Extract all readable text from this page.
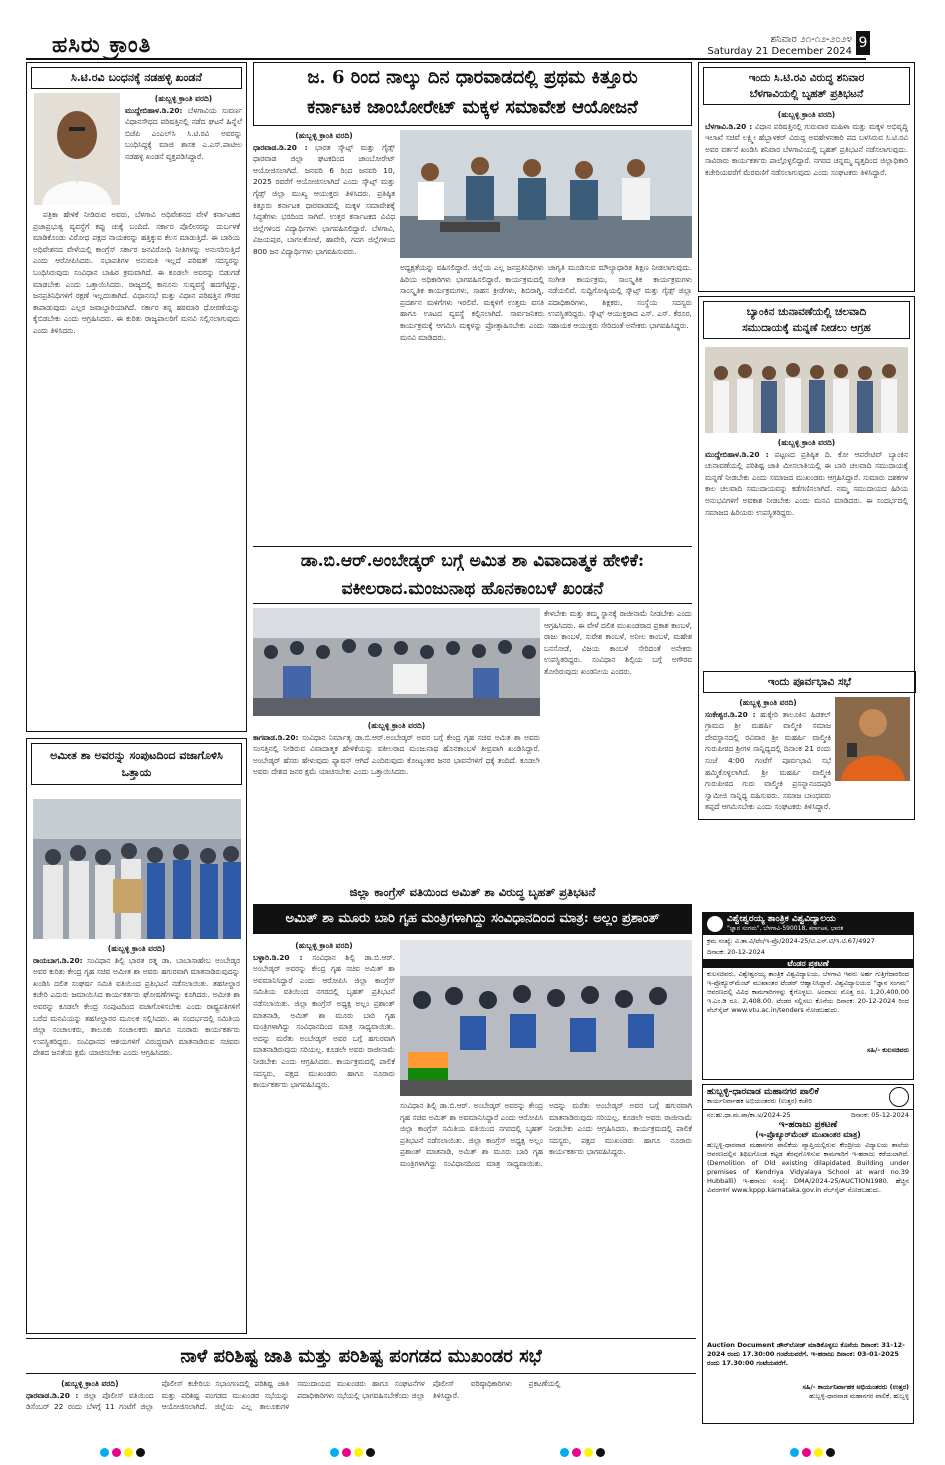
ಹಸಿರು ಕ್ರಾಂತಿ	ಶನಿವಾರ ೨೧-೧೨-೨೦೨೪
Saturday 21 December 2024
9
ಸಿ.ಟಿ.ರವಿ ಬಂಧನಕ್ಕೆ ನಡಹಳ್ಳಿ ಖಂಡನೆ
(ಹುಬ್ಬಳ್ಳಿ ಕ್ರಾಂತಿ ವರದಿ)
ಮುದ್ದೇಬಿಹಾಳ.ಡಿ.20: ಬೆಳಗಾವಿಯ ಸುವರ್ಣ ವಿಧಾನಸೌಧದ ಪರಿಷತ್ತಿನಲ್ಲಿ ನಡೆದ ಘಟನೆ ಹಿನ್ನೆಲೆ ಬಿಜೆಪಿ ಎಂಎಲ್‌ಸಿ ಸಿ.ಟಿ.ರವಿ ಅವರನ್ನು ಬಂಧಿಸಿದ್ದಕ್ಕೆ ಮಾಜಿ ಶಾಸಕ ಎ.ಎಸ್.ಪಾಟೀಲ ನಡಹಳ್ಳಿ ಖಂಡನೆ ವ್ಯಕ್ತಪಡಿಸಿದ್ದಾರೆ.

ಪತ್ರಿಕಾ ಹೇಳಿಕೆ ನೀಡಿರುವ ಅವರು, ಬೆಳಗಾವಿ ಅಧಿವೇಶನದ ವೇಳೆ ಕರ್ನಾಟಕದ ಪ್ರಜಾಪ್ರಭುತ್ವ ವ್ಯವಸ್ಥೆಗೆ ಕಪ್ಪು ಚುಕ್ಕೆ ಬಂದಿದೆ. ಸರ್ಕಾರ ಪೊಲೀಸರನ್ನು ದುರ್ಬಳಕೆ ಮಾಡಿಕೊಂಡು ವಿರೋಧ ಪಕ್ಷದ ನಾಯಕರನ್ನು ಹತ್ತಿಕ್ಕುವ ಕೆಲಸ ಮಾಡುತ್ತಿದೆ. ಈ ಬಾರಿಯ ಅಧಿವೇಶನದ ವೇಳೆಯಲ್ಲಿ ಕಾಂಗ್ರೆಸ್ ಸರ್ಕಾರ ಜನವಿರೋಧಿ ನೀತಿಗಳನ್ನು ಅನುಸರಿಸುತ್ತಿದೆ ಎಂದು ಆರೋಪಿಸಿದರು. ಸಭಾಪತಿಗಳ ಅನುಮತಿ ಇಲ್ಲದೆ ಪರಿಷತ್ ಸದಸ್ಯರನ್ನು ಬಂಧಿಸಿರುವುದು ಸಂವಿಧಾನ ಬಾಹಿರ ಕ್ರಮವಾಗಿದೆ. ಈ ಕೂಡಲೇ ಅವರನ್ನು ಬಿಡುಗಡೆ ಮಾಡಬೇಕು ಎಂದು ಒತ್ತಾಯಿಸಿದರು. ರಾಜ್ಯದಲ್ಲಿ ಕಾನೂನು ಸುವ್ಯವಸ್ಥೆ ಹದಗೆಟ್ಟಿದ್ದು, ಜನಪ್ರತಿನಿಧಿಗಳಿಗೆ ರಕ್ಷಣೆ ಇಲ್ಲದಂತಾಗಿದೆ. ವಿಧಾನಸಭೆ ಮತ್ತು ವಿಧಾನ ಪರಿಷತ್ತಿನ ಗೌರವ ಕಾಪಾಡುವುದು ಎಲ್ಲರ ಜವಾಬ್ದಾರಿಯಾಗಿದೆ. ಸರ್ಕಾರ ತನ್ನ ಹಠಮಾರಿ ಧೋರಣೆಯನ್ನು ಕೈಬಿಡಬೇಕು ಎಂದು ಆಗ್ರಹಿಸಿದರು. ಈ ಕುರಿತು ರಾಜ್ಯಪಾಲರಿಗೆ ಮನವಿ ಸಲ್ಲಿಸಲಾಗುವುದು ಎಂದು ತಿಳಿಸಿದರು.

ಅಮೀತ ಶಾ ಅವರನ್ನು ಸಂಪುಟದಿಂದ ವಜಾಗೊಳಿಸಿ ಒತ್ತಾಯ
(ಹುಬ್ಬಳ್ಳಿ ಕ್ರಾಂತಿ ವರದಿ)
ರಾಯಬಾಗ.ಡಿ.20: ಸಂವಿಧಾನ ಶಿಲ್ಪಿ ಭಾರತ ರತ್ನ ಡಾ. ಬಾಬಾಸಾಹೇಬ ಅಂಬೇಡ್ಕರ ಅವರ ಕುರಿತು ಕೇಂದ್ರ ಗೃಹ ಸಚಿವ ಅಮೀತ ಶಾ ಅವರು ಹಗುರವಾಗಿ ಮಾತನಾಡಿರುವುದನ್ನು ಖಂಡಿಸಿ ದಲಿತ ಸಂಘರ್ಷ ಸಮಿತಿ ವತಿಯಿಂದ ಪ್ರತಿಭಟನೆ ನಡೆಸಲಾಯಿತು. ತಹಸೀಲ್ದಾರ ಕಚೇರಿ ಎದುರು ಜಮಾಯಿಸಿದ ಕಾರ್ಯಕರ್ತರು ಘೋಷಣೆಗಳನ್ನು ಕೂಗಿದರು. ಅಮೀತ ಶಾ ಅವರನ್ನು ಕೂಡಲೇ ಕೇಂದ್ರ ಸಂಪುಟದಿಂದ ವಜಾಗೊಳಿಸಬೇಕು ಎಂದು ರಾಷ್ಟ್ರಪತಿಗಳಿಗೆ ಬರೆದ ಮನವಿಯನ್ನು ತಹಸೀಲ್ದಾರರ ಮೂಲಕ ಸಲ್ಲಿಸಿದರು. ಈ ಸಂದರ್ಭದಲ್ಲಿ ಸಮಿತಿಯ ಜಿಲ್ಲಾ ಸಂಚಾಲಕರು, ತಾಲೂಕು ಸಂಚಾಲಕರು ಹಾಗೂ ನೂರಾರು ಕಾರ್ಯಕರ್ತರು ಉಪಸ್ಥಿತರಿದ್ದರು. ಸಂವಿಧಾನದ ಆಶಯಗಳಿಗೆ ವಿರುದ್ಧವಾಗಿ ಮಾತನಾಡಿರುವ ಸಚಿವರು ದೇಶದ ಜನತೆಯ ಕ್ಷಮೆ ಯಾಚಿಸಬೇಕು ಎಂದು ಆಗ್ರಹಿಸಿದರು.
ಜ. 6 ರಿಂದ ನಾಲ್ಕು ದಿನ ಧಾರವಾಡದಲ್ಲಿ ಪ್ರಥಮ ಕಿತ್ತೂರು
ಕರ್ನಾಟಕ ಜಾಂಬೋರೇಟ್ ಮಕ್ಕಳ ಸಮಾವೇಶ ಆಯೋಜನೆ
(ಹುಬ್ಬಳ್ಳಿ ಕ್ರಾಂತಿ ವರದಿ)
ಧಾರವಾಡ.ಡಿ.20 : ಭಾರತ ಸ್ಕೌಟ್ಸ್ ಮತ್ತು ಗೈಡ್ಸ್ ಧಾರವಾಡ ಜಿಲ್ಲಾ ಘಟಕದಿಂದ ಜಾಂಬೋರೇಟ್ ಆಯೋಜಿಸಲಾಗಿದೆ. ಜನವರಿ 6 ರಿಂದ ಜನವರಿ 10, 2025 ರವರೆಗೆ ಆಯೋಜಿಸಲಾಗಿದೆ ಎಂದು ಸ್ಕೌಟ್ಸ್ ಮತ್ತು ಗೈಡ್ಸ್ ಜಿಲ್ಲಾ ಮುಖ್ಯ ಆಯುಕ್ತರು ತಿಳಿಸಿದರು. ಪ್ರತಿಷ್ಠಿತ ಕಿತ್ತೂರು ಕರ್ನಾಟಕ ಧಾರವಾಡದಲ್ಲಿ ಮಕ್ಕಳ ಸಮಾವೇಶಕ್ಕೆ ಸಿದ್ಧತೆಗಳು ಭರದಿಂದ ಸಾಗಿವೆ. ಉತ್ತರ ಕರ್ನಾಟಕದ ವಿವಿಧ ಜಿಲ್ಲೆಗಳಿಂದ ವಿದ್ಯಾರ್ಥಿಗಳು ಭಾಗವಹಿಸಲಿದ್ದಾರೆ. ಬೆಳಗಾವಿ, ವಿಜಯಪುರ, ಬಾಗಲಕೋಟೆ, ಹಾವೇರಿ, ಗದಗ ಜಿಲ್ಲೆಗಳಿಂದ 800 ಜನ ವಿದ್ಯಾರ್ಥಿಗಳು ಭಾಗವಹಿಸುವರು.
ಅಧ್ಯಕ್ಷತೆಯನ್ನು ವಹಿಸಲಿದ್ದಾರೆ. ಜಿಲ್ಲೆಯ ಎಲ್ಲ ಜನಪ್ರತಿನಿಧಿಗಳು ಹಿರಿಯ ಅಧಿಕಾರಿಗಳು ಭಾಗವಹಿಸಲಿದ್ದಾರೆ. ಕಾರ್ಯಕ್ರಮದಲ್ಲಿ ಸಾಂಸ್ಕೃತಿಕ ಕಾರ್ಯಕ್ರಮಗಳು, ಸಾಹಸ ಕ್ರೀಡೆಗಳು, ಶಿಬಿರಾಗ್ನಿ, ಪ್ರದರ್ಶನ ಮಳಿಗೆಗಳು ಇರಲಿವೆ. ಮಕ್ಕಳಿಗೆ ಉತ್ತಮ ವಸತಿ ಹಾಗೂ ಊಟದ ವ್ಯವಸ್ಥೆ ಕಲ್ಪಿಸಲಾಗಿದೆ. ಸಾರ್ವಜನಿಕರು ಕಾರ್ಯಕ್ರಮಕ್ಕೆ ಆಗಮಿಸಿ ಮಕ್ಕಳನ್ನು ಪ್ರೋತ್ಸಾಹಿಸಬೇಕು ಎಂದು ಮನವಿ ಮಾಡಿದರು.
ಜಾಗೃತಿ ಮೂಡಿಸುವ ಮೌಲ್ಯಾಧಾರಿತ ಶಿಕ್ಷಣ ನೀಡಲಾಗುವುದು. ಸಂಗೀತ ಕಾರ್ಯಕ್ರಮ, ಸಾಂಸ್ಕೃತಿಕ ಕಾರ್ಯಕ್ರಮಗಳು ನಡೆಯಲಿವೆ. ಸುದ್ದಿಗೋಷ್ಠಿಯಲ್ಲಿ ಸ್ಕೌಟ್ಸ್ ಮತ್ತು ಗೈಡ್ಸ್ ಜಿಲ್ಲಾ ಪದಾಧಿಕಾರಿಗಳು, ಶಿಕ್ಷಕರು, ಸಂಸ್ಥೆಯ ಸದಸ್ಯರು ಉಪಸ್ಥಿತರಿದ್ದರು. ಸ್ಕೌಟ್ಸ್ ಆಯುಕ್ತರಾದ ಎಸ್. ಎಸ್. ಕೆರೂರ, ಸಹಾಯಕ ಆಯುಕ್ತರು ಸೇರಿದಂತೆ ಅನೇಕರು ಭಾಗವಹಿಸಿದ್ದರು.
ಡಾ.ಬಿ.ಆರ್.ಅಂಬೇಡ್ಕರ್ ಬಗ್ಗೆ ಅಮಿತ ಶಾ ವಿವಾದಾತ್ಮಕ ಹೇಳಿಕೆ:
ವಕೀಲರಾದ.ಮಂಜುನಾಥ ಹೊನಕಾಂಬಳೆ ಖಂಡನೆ
ಕೇಳಬೇಕು ಮತ್ತು ತಮ್ಮ ಸ್ಥಾನಕ್ಕೆ ರಾಜೀನಾಮೆ ನೀಡಬೇಕು ಎಂದು ಆಗ್ರಹಿಸಿದರು. ಈ ವೇಳೆ ದಲಿತ ಮುಖಂಡರಾದ ಪ್ರಕಾಶ ಕಾಂಬಳೆ, ರಾಜು ಕಾಂಬಳೆ, ಸುರೇಶ ಕಾಂಬಳೆ, ಅನೀಲ ಕಾಂಬಳೆ, ಮಹೇಶ ಬನಸೋಡೆ, ವಿಜಯ ಕಾಂಬಳೆ ಸೇರಿದಂತೆ ಅನೇಕರು ಉಪಸ್ಥಿತರಿದ್ದರು. ಸಂವಿಧಾನ ಶಿಲ್ಪಿಯ ಬಗ್ಗೆ ಅಗೌರವ ತೋರಿರುವುದು ಖಂಡನೀಯ ಎಂದರು.
(ಹುಬ್ಬಳ್ಳಿ ಕ್ರಾಂತಿ ವರದಿ)
ಕಾಗವಾಡ.ಡಿ.20: ಸಂವಿಧಾನ ನಿರ್ಮಾತೃ ಡಾ.ಬಿ.ಆರ್.ಅಂಬೇಡ್ಕರ್ ಅವರ ಬಗ್ಗೆ ಕೇಂದ್ರ ಗೃಹ ಸಚಿವ ಅಮಿತ ಶಾ ಅವರು ಸಂಸತ್ತಿನಲ್ಲಿ ನೀಡಿರುವ ವಿವಾದಾತ್ಮಕ ಹೇಳಿಕೆಯನ್ನು ವಕೀಲರಾದ ಮಂಜುನಾಥ ಹೊನಕಾಂಬಳೆ ತೀವ್ರವಾಗಿ ಖಂಡಿಸಿದ್ದಾರೆ. ಅಂಬೇಡ್ಕರ್ ಹೆಸರು ಹೇಳುವುದು ಫ್ಯಾಷನ್ ಆಗಿದೆ ಎಂದಿರುವುದು ಕೋಟ್ಯಂತರ ಜನರ ಭಾವನೆಗಳಿಗೆ ಧಕ್ಕೆ ತಂದಿದೆ. ಕೂಡಲೇ ಅವರು ದೇಶದ ಜನರ ಕ್ಷಮೆ ಯಾಚಿಸಬೇಕು ಎಂದು ಒತ್ತಾಯಿಸಿದರು.
ಜಿಲ್ಲಾ ಕಾಂಗ್ರೆಸ್ ವತಿಯಿಂದ ಅಮಿತ್ ಶಾ ವಿರುದ್ಧ ಬೃಹತ್ ಪ್ರತಿಭಟನೆ
ಅಮಿತ್ ಶಾ ಮೂರು ಬಾರಿ ಗೃಹ ಮಂತ್ರಿಗಳಾಗಿದ್ದು ಸಂವಿಧಾನದಿಂದ ಮಾತ್ರ: ಅಲ್ಲಂ ಪ್ರಶಾಂತ್
(ಹುಬ್ಬಳ್ಳಿ ಕ್ರಾಂತಿ ವರದಿ)
ಬಳ್ಳಾರಿ.ಡಿ.20 : ಸಂವಿಧಾನ ಶಿಲ್ಪಿ ಡಾ.ಬಿ.ಆರ್. ಅಂಬೇಡ್ಕರ್ ಅವರನ್ನು ಕೇಂದ್ರ ಗೃಹ ಸಚಿವ ಅಮಿತ್ ಶಾ ಅವಮಾನಿಸಿದ್ದಾರೆ ಎಂದು ಆರೋಪಿಸಿ ಜಿಲ್ಲಾ ಕಾಂಗ್ರೆಸ್ ಸಮಿತಿಯ ವತಿಯಿಂದ ನಗರದಲ್ಲಿ ಬೃಹತ್ ಪ್ರತಿಭಟನೆ ನಡೆಸಲಾಯಿತು. ಜಿಲ್ಲಾ ಕಾಂಗ್ರೆಸ್ ಅಧ್ಯಕ್ಷ ಅಲ್ಲಂ ಪ್ರಶಾಂತ್ ಮಾತನಾಡಿ, ಅಮಿತ್ ಶಾ ಮೂರು ಬಾರಿ ಗೃಹ ಮಂತ್ರಿಗಳಾಗಿದ್ದು ಸಂವಿಧಾನದಿಂದ ಮಾತ್ರ ಸಾಧ್ಯವಾಯಿತು. ಅದನ್ನು ಮರೆತು ಅಂಬೇಡ್ಕರ್ ಅವರ ಬಗ್ಗೆ ಹಗುರವಾಗಿ ಮಾತನಾಡಿರುವುದು ಸರಿಯಲ್ಲ. ಕೂಡಲೇ ಅವರು ರಾಜೀನಾಮೆ ನೀಡಬೇಕು ಎಂದು ಆಗ್ರಹಿಸಿದರು. ಕಾರ್ಯಕ್ರಮದಲ್ಲಿ ಪಾಲಿಕೆ ಸದಸ್ಯರು, ಪಕ್ಷದ ಮುಖಂಡರು ಹಾಗೂ ನೂರಾರು ಕಾರ್ಯಕರ್ತರು ಭಾಗವಹಿಸಿದ್ದರು.
ಸಂವಿಧಾನ ಶಿಲ್ಪಿ ಡಾ.ಬಿ.ಆರ್. ಅಂಬೇಡ್ಕರ್ ಅವರನ್ನು ಕೇಂದ್ರ ಗೃಹ ಸಚಿವ ಅಮಿತ್ ಶಾ ಅವಮಾನಿಸಿದ್ದಾರೆ ಎಂದು ಆರೋಪಿಸಿ ಜಿಲ್ಲಾ ಕಾಂಗ್ರೆಸ್ ಸಮಿತಿಯ ವತಿಯಿಂದ ನಗರದಲ್ಲಿ ಬೃಹತ್ ಪ್ರತಿಭಟನೆ ನಡೆಸಲಾಯಿತು. ಜಿಲ್ಲಾ ಕಾಂಗ್ರೆಸ್ ಅಧ್ಯಕ್ಷ ಅಲ್ಲಂ ಪ್ರಶಾಂತ್ ಮಾತನಾಡಿ, ಅಮಿತ್ ಶಾ ಮೂರು ಬಾರಿ ಗೃಹ ಮಂತ್ರಿಗಳಾಗಿದ್ದು ಸಂವಿಧಾನದಿಂದ ಮಾತ್ರ ಸಾಧ್ಯವಾಯಿತು. ಅದನ್ನು ಮರೆತು ಅಂಬೇಡ್ಕರ್ ಅವರ ಬಗ್ಗೆ ಹಗುರವಾಗಿ ಮಾತನಾಡಿರುವುದು ಸರಿಯಲ್ಲ. ಕೂಡಲೇ ಅವರು ರಾಜೀನಾಮೆ ನೀಡಬೇಕು ಎಂದು ಆಗ್ರಹಿಸಿದರು. ಕಾರ್ಯಕ್ರಮದಲ್ಲಿ ಪಾಲಿಕೆ ಸದಸ್ಯರು, ಪಕ್ಷದ ಮುಖಂಡರು ಹಾಗೂ ನೂರಾರು ಕಾರ್ಯಕರ್ತರು ಭಾಗವಹಿಸಿದ್ದರು.
ಇಂದು ಸಿ.ಟಿ.ರವಿ ವಿರುದ್ಧ ಶನಿವಾರ
ಬೆಳಗಾವಿಯಲ್ಲಿ ಬೃಹತ್ ಪ್ರತಿಭಟನೆ
(ಹುಬ್ಬಳ್ಳಿ ಕ್ರಾಂತಿ ವರದಿ)
ಬೆಳಗಾವಿ.ಡಿ.20 : ವಿಧಾನ ಪರಿಷತ್ತಿನಲ್ಲಿ ಗುರುವಾರ ಮಹಿಳಾ ಮತ್ತು ಮಕ್ಕಳ ಅಭಿವೃದ್ಧಿ ಇಲಾಖೆ ಸಚಿವೆ ಲಕ್ಷ್ಮೀ ಹೆಬ್ಬಾಳಕರ್ ವಿರುದ್ಧ ಅವಹೇಳನಕಾರಿ ಪದ ಬಳಸಿರುವ ಸಿ.ಟಿ.ರವಿ ಅವರ ವರ್ತನೆ ಖಂಡಿಸಿ ಶನಿವಾರ ಬೆಳಗಾವಿಯಲ್ಲಿ ಬೃಹತ್ ಪ್ರತಿಭಟನೆ ನಡೆಸಲಾಗುವುದು. ಸಾವಿರಾರು ಕಾರ್ಯಕರ್ತರು ಪಾಲ್ಗೊಳ್ಳಲಿದ್ದಾರೆ. ನಗರದ ಚನ್ನಮ್ಮ ವೃತ್ತದಿಂದ ಜಿಲ್ಲಾಧಿಕಾರಿ ಕಚೇರಿಯವರೆಗೆ ಮೆರವಣಿಗೆ ನಡೆಸಲಾಗುವುದು ಎಂದು ಸಂಘಟಕರು ತಿಳಿಸಿದ್ದಾರೆ.
ಬ್ಯಾಂಕಿನ ಚುನಾವಣೆಯಲ್ಲಿ ಚಲವಾದಿ
ಸಮುದಾಯಕ್ಕೆ ಮನ್ನಣೆ ನೀಡಲು ಆಗ್ರಹ
(ಹುಬ್ಬಳ್ಳಿ ಕ್ರಾಂತಿ ವರದಿ)
ಮುದ್ದೇಬಿಹಾಳ.ಡಿ.20 : ಪಟ್ಟಣದ ಪ್ರತಿಷ್ಠಿತ ದಿ. ಕೋ ಆಪರೇಟಿವ್ ಬ್ಯಾಂಕಿನ ಚುನಾವಣೆಯಲ್ಲಿ ಪರಿಶಿಷ್ಟ ಜಾತಿ ಮೀಸಲಾತಿಯಲ್ಲಿ ಈ ಬಾರಿ ಚಲವಾದಿ ಸಮುದಾಯಕ್ಕೆ ಮನ್ನಣೆ ನೀಡಬೇಕು ಎಂದು ಸಮಾಜದ ಮುಖಂಡರು ಆಗ್ರಹಿಸಿದ್ದಾರೆ. ಸುಮಾರು ದಶಕಗಳ ಕಾಲ ಚಲವಾದಿ ಸಮುದಾಯವನ್ನು ಕಡೆಗಣಿಸಲಾಗಿದೆ. ನಮ್ಮ ಸಮುದಾಯದ ಹಿರಿಯ ಅನುಭವಿಗಳಿಗೆ ಅವಕಾಶ ನೀಡಬೇಕು ಎಂದು ಮನವಿ ಮಾಡಿದರು. ಈ ಸಂದರ್ಭದಲ್ಲಿ ಸಮಾಜದ ಹಿರಿಯರು ಉಪಸ್ಥಿತರಿದ್ದರು.
ಇಂದು ಪೂರ್ವಭಾವಿ ಸಭೆ
(ಹುಬ್ಬಳ್ಳಿ ಕ್ರಾಂತಿ ವರದಿ)
ಸಂಕೇಶ್ವರ.ಡಿ.20 : ಹುಕ್ಕೇರಿ ತಾಲೂಕಿನ ಹಿಡಕಲ್ ಗ್ರಾಮದ ಶ್ರೀ ಮಹರ್ಷಿ ವಾಲ್ಮೀಕಿ ಸಮಾಜ ದೇವಸ್ಥಾನದಲ್ಲಿ ರವಿವಾರ ಶ್ರೀ ಮಹರ್ಷಿ ವಾಲ್ಮೀಕಿ ಗುರುಪೀಠದ ಶ್ರೀಗಳ ಸಾನ್ನಿಧ್ಯದಲ್ಲಿ ದಿನಾಂಕ 21 ರಂದು ಸಂಜೆ 4:00 ಗಂಟೆಗೆ ಪೂರ್ವಭಾವಿ ಸಭೆ ಹಮ್ಮಿಕೊಳ್ಳಲಾಗಿದೆ. ಶ್ರೀ ಮಹರ್ಷಿ ವಾಲ್ಮೀಕಿ ಗುರುಪೀಠದ ಗುರು ವಾಲ್ಮೀಕಿ ಪ್ರಸನ್ನಾನಂದಪುರಿ ಸ್ವಾಮೀಜಿ ಸಾನ್ನಿಧ್ಯ ವಹಿಸುವರು. ಸಮಾಜ ಬಾಂಧವರು ತಪ್ಪದೆ ಆಗಮಿಸಬೇಕು ಎಂದು ಸಂಘಟಕರು ತಿಳಿಸಿದ್ದಾರೆ.
ವಿಶ್ವೇಶ್ವರಯ್ಯ ತಾಂತ್ರಿಕ ವಿಶ್ವವಿದ್ಯಾಲಯ
"ಜ್ಞಾನ ಸಂಗಮ", ಬೆಳಗಾವಿ-590018, ಕರ್ನಾಟಕ, ಭಾರತ
ಕ್ರಮ ಸಂಖ್ಯೆ: ವಿ.ತಾ.ವಿ/ಟೆಂ/ಇ-ಪ್ರೊ/2024-25/ಟಿ.ಎಸ್.ಟಿ/ಇ.ಟಿ.67/4927
ದಿನಾಂಕ: 20-12-2024
ಟೆಂಡರ ಪ್ರಕಟಣೆ
ಕುಲಸಚಿವರು, ವಿಶ್ವೇಶ್ವರಯ್ಯ ತಾಂತ್ರಿಕ ವಿಶ್ವವಿದ್ಯಾಲಯ, ಬೆಳಗಾವಿ ಇವರು ಅರ್ಹ ಗುತ್ತಿಗೆದಾರರಿಂದ ಇ-ಪ್ರೊಕ್ಯೂರ್‌ಮೆಂಟ್ ಮುಖಾಂತರ ಟೆಂಡರ್ ಆಹ್ವಾನಿಸಿದ್ದಾರೆ. ವಿಶ್ವವಿದ್ಯಾಲಯದ "ಜ್ಞಾನ ಸಂಗಮ" ಆವರಣದಲ್ಲಿ ವಿವಿಧ ಕಾಮಗಾರಿಗಳನ್ನು ಕೈಗೊಳ್ಳಲು. ಅಂದಾಜು ಮೊತ್ತ ರೂ. 1,20,400.00 ಇ.ಎಂ.ಡಿ ರೂ. 2,408.00. ಟೆಂಡರ ಸಲ್ಲಿಸಲು ಕೊನೆಯ ದಿನಾಂಕ: 20-12-2024 ರಿಂದ ವೆಬ್‌ಸೈಟ್ www.vtu.ac.in/tenders ನೋಡಬಹುದು.
ಸಹಿ/- ಕುಲಸಚಿವರು
ಹುಬ್ಬಳ್ಳಿ-ಧಾರವಾಡ ಮಹಾನಗರ ಪಾಲಿಕೆ
ಕಾರ್ಯನಿರ್ವಾಹಕ ಅಭಿಯಂತರರು (ಉತ್ತರ) ಕಚೇರಿ
ನಂ:ಹು.ಧಾ.ಮ.ಪಾ/ಕಾ.ಅ/2024-25	ದಿನಾಂಕ: 05-12-2024
ಇ-ಹರಾಜು ಪ್ರಕಟಣೆ
(ಇ-ಪ್ರೊಕ್ಯೂರ್‌ಮೆಂಟ್ ಮುಖಾಂತರ ಮಾತ್ರ)
ಹುಬ್ಬಳ್ಳಿ-ಧಾರವಾಡ ಮಹಾನಗರ ಪಾಲಿಕೆಯ ವ್ಯಾಪ್ತಿಯಲ್ಲಿರುವ ಕೇಂದ್ರೀಯ ವಿದ್ಯಾಲಯ ಶಾಲೆಯ ಆವರಣದಲ್ಲಿನ ಶಿಥಿಲಗೊಂಡ ಕಟ್ಟಡ ತೆರವುಗೊಳಿಸುವ ಕಾಮಗಾರಿಗೆ ಇ-ಹರಾಜು ಕರೆಯಲಾಗಿದೆ. (Demolition of Old existing dilapidated Building under premises of Kendriya Vidyalaya School at ward no.39 Hubballi) ಇ-ಹರಾಜು ಸಂಖ್ಯೆ: DMA/2024-25/AUCTION1980. ಹೆಚ್ಚಿನ ವಿವರಗಳಿಗೆ www.kppp.karnataka.gov.in ವೆಬ್‌ಸೈಟ್ ನೋಡಬಹುದು.
Auction Document ಡೌನ್‌ಲೋಡ್ ಮಾಡಿಕೊಳ್ಳಲು ಕೊನೆಯ ದಿನಾಂಕ: 31-12-2024 ರಂದು 17.30:00 ಗಂಟೆಯವರೆಗೆ. ಇ-ಹರಾಜು ದಿನಾಂಕ: 03-01-2025 ರಂದು 17.30:00 ಗಂಟೆಯವರೆಗೆ.
ಸಹಿ/- ಕಾರ್ಯನಿರ್ವಾಹಕ ಅಭಿಯಂತರರು (ಉತ್ತರ)
ಹುಬ್ಬಳ್ಳಿ-ಧಾರವಾಡ ಮಹಾನಗರ ಪಾಲಿಕೆ, ಹುಬ್ಬಳ್ಳಿ
ನಾಳೆ ಪರಿಶಿಷ್ಟ ಜಾತಿ ಮತ್ತು ಪರಿಶಿಷ್ಟ ಪಂಗಡದ ಮುಖಂಡರ ಸಭೆ
(ಹುಬ್ಬಳ್ಳಿ ಕ್ರಾಂತಿ ವರದಿ)
ಧಾರವಾಡ.ಡಿ.20 : ಜಿಲ್ಲಾ ಪೊಲೀಸ್ ವತಿಯಿಂದ ಡಿಸೆಂಬರ್ 22 ರಂದು ಬೆಳಗ್ಗೆ 11 ಗಂಟೆಗೆ ಜಿಲ್ಲಾ ಪೊಲೀಸ್ ಕಚೇರಿಯ ಸಭಾಂಗಣದಲ್ಲಿ ಪರಿಶಿಷ್ಟ ಜಾತಿ ಮತ್ತು ಪರಿಶಿಷ್ಟ ಪಂಗಡದ ಮುಖಂಡರ ಸಭೆಯನ್ನು ಆಯೋಜಿಸಲಾಗಿದೆ. ಜಿಲ್ಲೆಯ ಎಲ್ಲ ತಾಲೂಕುಗಳ ಸಮುದಾಯದ ಮುಖಂಡರು ಹಾಗೂ ಸಂಘಟನೆಗಳ ಪದಾಧಿಕಾರಿಗಳು ಸಭೆಯಲ್ಲಿ ಭಾಗವಹಿಸಬೇಕೆಂದು ಜಿಲ್ಲಾ ಪೊಲೀಸ್ ವರಿಷ್ಠಾಧಿಕಾರಿಗಳು ಪ್ರಕಟಣೆಯಲ್ಲಿ ತಿಳಿಸಿದ್ದಾರೆ.
